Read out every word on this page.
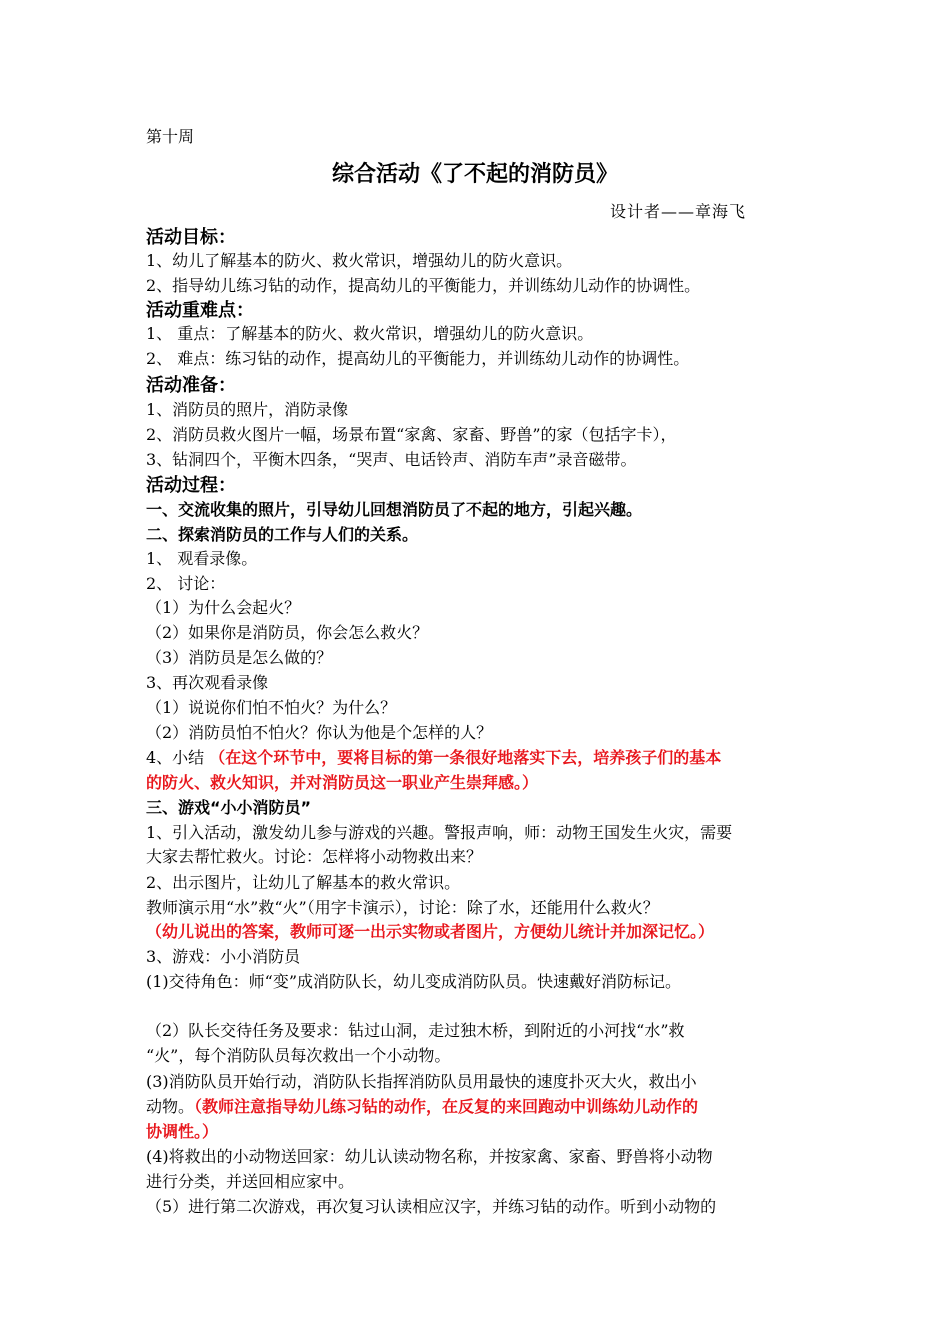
第十周
综合活动《了不起的消防员》
设计者——章海飞
活动目标：
1、幼儿了解基本的防火、救火常识，增强幼儿的防火意识。
2、指导幼儿练习钻的动作，提高幼儿的平衡能力，并训练幼儿动作的协调性。
活动重难点：
1、 重点：了解基本的防火、救火常识，增强幼儿的防火意识。
2、 难点：练习钻的动作，提高幼儿的平衡能力，并训练幼儿动作的协调性。
活动准备：
1、消防员的照片，消防录像
2、消防员救火图片一幅，场景布置“家禽、家畜、野兽”的家（包括字卡），
3、钻洞四个，平衡木四条，“哭声、电话铃声、消防车声”录音磁带。
活动过程：
一、交流收集的照片，引导幼儿回想消防员了不起的地方，引起兴趣。
二、探索消防员的工作与人们的关系。
1、 观看录像。
2、 讨论：
（1）为什么会起火？
（2）如果你是消防员，你会怎么救火？
（3）消防员是怎么做的？
3、再次观看录像
（1）说说你们怕不怕火？为什么？
（2）消防员怕不怕火？你认为他是个怎样的人？
4、小结 （在这个环节中，要将目标的第一条很好地落实下去，培养孩子们的基本
的防火、救火知识，并对消防员这一职业产生崇拜感。）
三、游戏“小小消防员”
1、引入活动，激发幼儿参与游戏的兴趣。警报声响，师：动物王国发生火灾，需要
大家去帮忙救火。讨论：怎样将小动物救出来？
2、出示图片，让幼儿了解基本的救火常识。
教师演示用“水”救“火”（用字卡演示），讨论：除了水，还能用什么救火？
（幼儿说出的答案，教师可逐一出示实物或者图片，方便幼儿统计并加深记忆。）
3、游戏：小小消防员
(1)交待角色：师“变”成消防队长，幼儿变成消防队员。快速戴好消防标记。
（2）队长交待任务及要求：钻过山洞，走过独木桥，到附近的小河找“水”救
“火”，每个消防队员每次救出一个小动物。
(3)消防队员开始行动，消防队长指挥消防队员用最快的速度扑灭大火，救出小
动物。（教师注意指导幼儿练习钻的动作，在反复的来回跑动中训练幼儿动作的
协调性。）
(4)将救出的小动物送回家：幼儿认读动物名称，并按家禽、家畜、野兽将小动物
进行分类，并送回相应家中。
（5）进行第二次游戏，再次复习认读相应汉字，并练习钻的动作。听到小动物的
